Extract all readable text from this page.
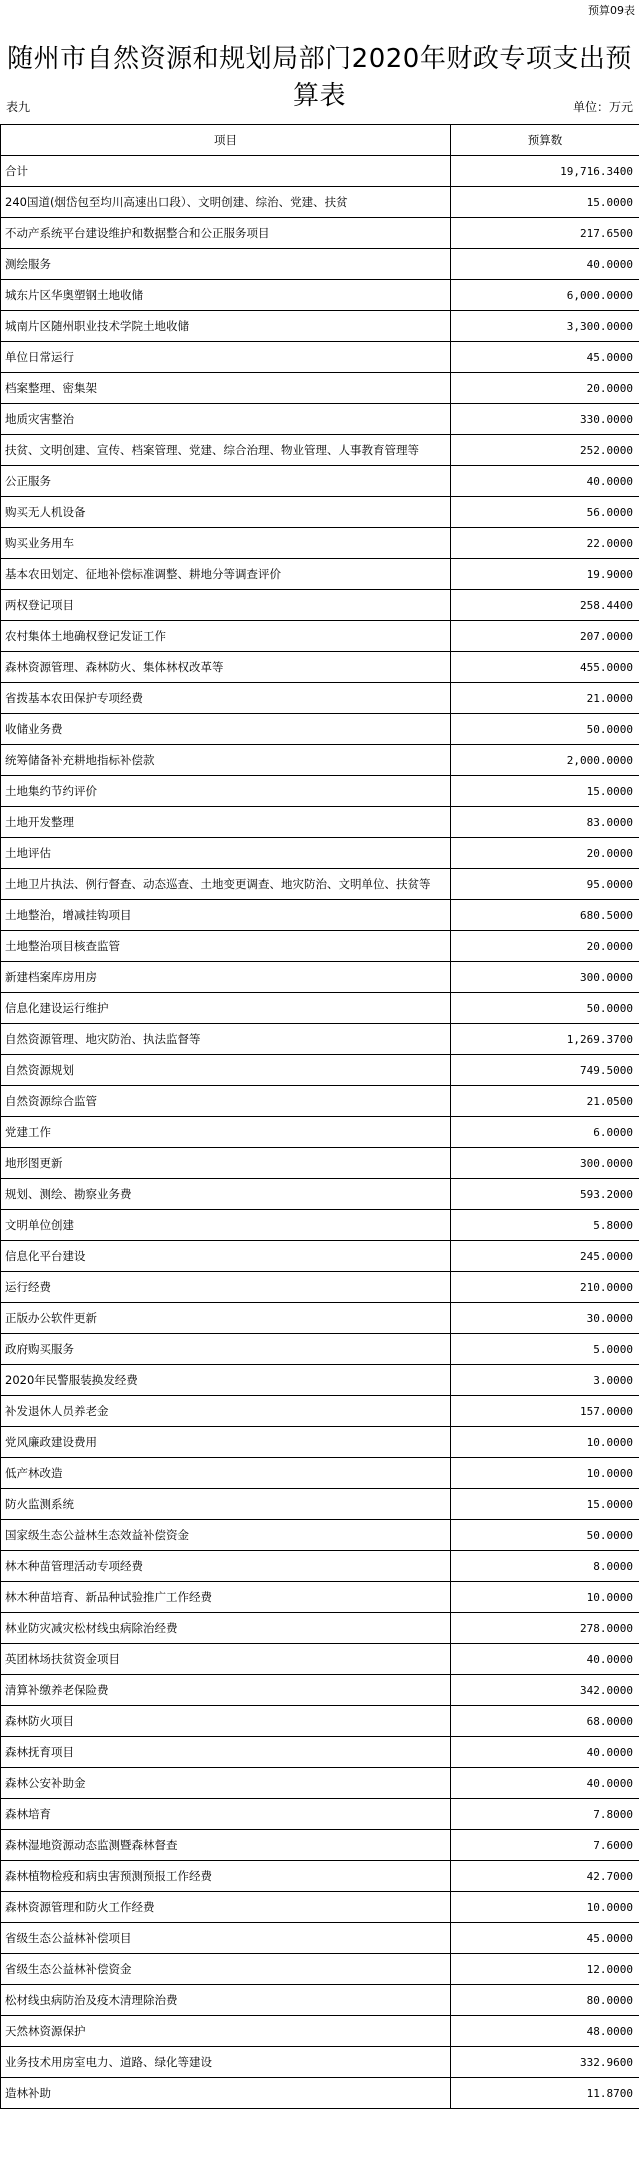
预算09表
随州市自然资源和规划局部门2020年财政专项支出预算表
表九	单位：万元
项目	预算数
合计	19,716.3400
240国道(烟岱包至均川高速出口段）、文明创建、综治、党建、扶贫	15.0000
不动产系统平台建设维护和数据整合和公正服务项目	217.6500
测绘服务	40.0000
城东片区华奥塑钢土地收储	6,000.0000
城南片区随州职业技术学院土地收储	3,300.0000
单位日常运行	45.0000
档案整理、密集架	20.0000
地质灾害整治	330.0000
扶贫、文明创建、宣传、档案管理、党建、综合治理、物业管理、人事教育管理等	252.0000
公正服务	40.0000
购买无人机设备	56.0000
购买业务用车	22.0000
基本农田划定、征地补偿标准调整、耕地分等调查评价	19.9000
两权登记项目	258.4400
农村集体土地确权登记发证工作	207.0000
森林资源管理、森林防火、集体林权改革等	455.0000
省拨基本农田保护专项经费	21.0000
收储业务费	50.0000
统筹储备补充耕地指标补偿款	2,000.0000
土地集约节约评价	15.0000
土地开发整理	83.0000
土地评估	20.0000
土地卫片执法、例行督查、动态巡查、土地变更调查、地灾防治、文明单位、扶贫等	95.0000
土地整治，增减挂钩项目	680.5000
土地整治项目核查监管	20.0000
新建档案库房用房	300.0000
信息化建设运行维护	50.0000
自然资源管理、地灾防治、执法监督等	1,269.3700
自然资源规划	749.5000
自然资源综合监管	21.0500
党建工作	6.0000
地形图更新	300.0000
规划、测绘、勘察业务费	593.2000
文明单位创建	5.8000
信息化平台建设	245.0000
运行经费	210.0000
正版办公软件更新	30.0000
政府购买服务	5.0000
2020年民警服装换发经费	3.0000
补发退休人员养老金	157.0000
党风廉政建设费用	10.0000
低产林改造	10.0000
防火监测系统	15.0000
国家级生态公益林生态效益补偿资金	50.0000
林木种苗管理活动专项经费	8.0000
林木种苗培育、新品种试验推广工作经费	10.0000
林业防灾减灾松材线虫病除治经费	278.0000
英团林场扶贫资金项目	40.0000
清算补缴养老保险费	342.0000
森林防火项目	68.0000
森林抚育项目	40.0000
森林公安补助金	40.0000
森林培育	7.8000
森林湿地资源动态监测暨森林督查	7.6000
森林植物检疫和病虫害预测预报工作经费	42.7000
森林资源管理和防火工作经费	10.0000
省级生态公益林补偿项目	45.0000
省级生态公益林补偿资金	12.0000
松材线虫病防治及疫木清理除治费	80.0000
天然林资源保护	48.0000
业务技术用房室电力、道路、绿化等建设	332.9600
造林补助	11.8700
